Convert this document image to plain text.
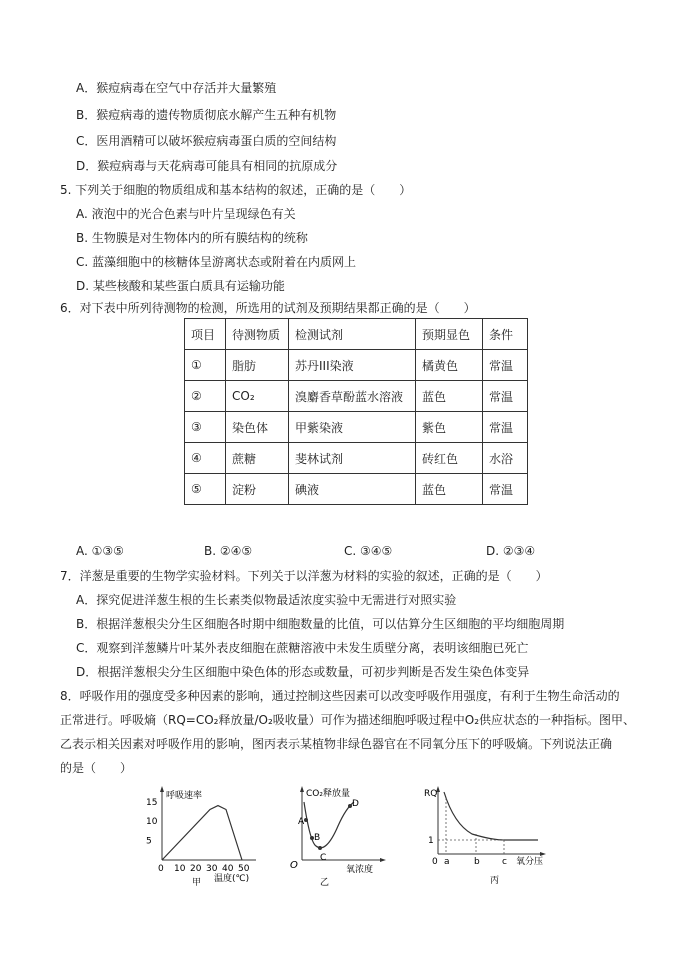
A．猴痘病毒在空气中存活并大量繁殖
B．猴痘病毒的遗传物质彻底水解产生五种有机物
C．医用酒精可以破坏猴痘病毒蛋白质的空间结构
D．猴痘病毒与天花病毒可能具有相同的抗原成分
5. 下列关于细胞的物质组成和基本结构的叙述，正确的是（　　）
A. 液泡中的光合色素与叶片呈现绿色有关
B. 生物膜是对生物体内的所有膜结构的统称
C. 蓝藻细胞中的核糖体呈游离状态或附着在内质网上
D. 某些核酸和某些蛋白质具有运输功能
6．对下表中所列待测物的检测，所选用的试剂及预期结果都正确的是（　　）
项目	待测物质	检测试剂	预期显色	条件
①	脂肪	苏丹III染液	橘黄色	常温
②	CO₂	溴麝香草酚蓝水溶液	蓝色	常温
③	染色体	甲紫染液	紫色	常温
④	蔗糖	斐林试剂	砖红色	水浴
⑤	淀粉	碘液	蓝色	常温
A. ①③⑤	B. ②④⑤	C. ③④⑤	D. ②③④
7．洋葱是重要的生物学实验材料。下列关于以洋葱为材料的实验的叙述，正确的是（　　）
A．探究促进洋葱生根的生长素类似物最适浓度实验中无需进行对照实验
B．根据洋葱根尖分生区细胞各时期中细胞数量的比值，可以估算分生区细胞的平均细胞周期
C．观察到洋葱鳞片叶某外表皮细胞在蔗糖溶液中未发生质壁分离，表明该细胞已死亡
D．根据洋葱根尖分生区细胞中染色体的形态或数量，可初步判断是否发生染色体变异
8．呼吸作用的强度受多种因素的影响，通过控制这些因素可以改变呼吸作用强度，有利于生物生命活动的
正常进行。呼吸熵（RQ=CO₂释放量/O₂吸收量）可作为描述细胞呼吸过程中O₂供应状态的一种指标。图甲、
乙表示相关因素对呼吸作用的影响，图丙表示某植物非绿色器官在不同氧分压下的呼吸熵。下列说法正确
的是（　　）
呼吸速率
0 10 20 30 40 50
5
10
15
温度(℃)
甲
CO₂释放量
A
B
C
D
O	氧浓度
乙
RQ
1
0 a	b c 氧分压
丙
